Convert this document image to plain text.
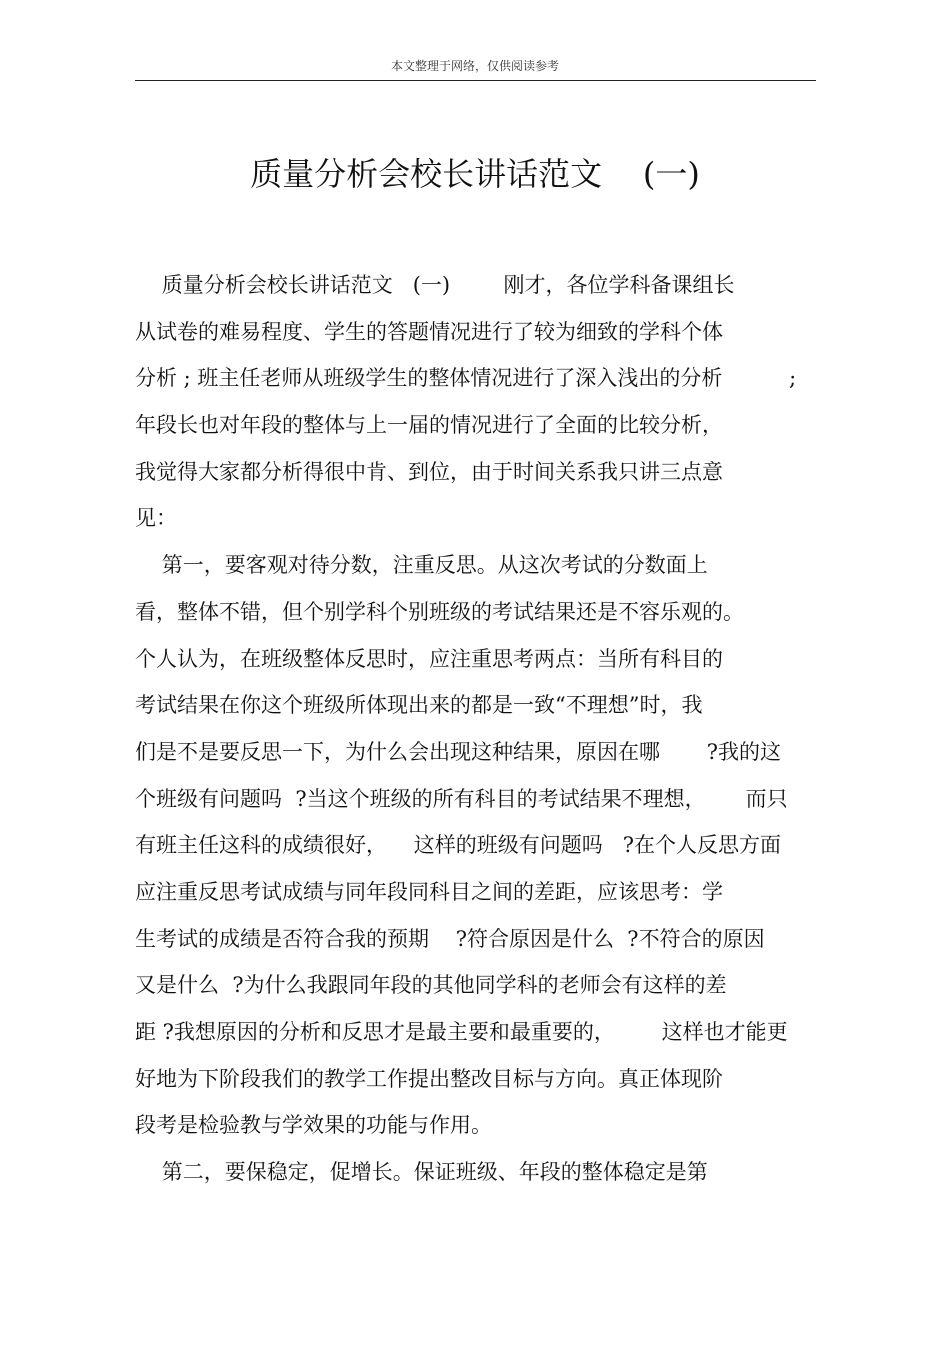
本文整理于网络，仅供阅读参考
质量分析会校长讲话范文    (一)
质量分析会校长讲话范文   (一)        刚才，各位学科备课组长
从试卷的难易程度、学生的答题情况进行了较为细致的学科个体
分析 ; 班主任老师从班级学生的整体情况进行了深入浅出的分析          ;
年段长也对年段的整体与上一届的情况进行了全面的比较分析，
我觉得大家都分析得很中肯、到位，由于时间关系我只讲三点意
见：
第一，要客观对待分数，注重反思。从这次考试的分数面上
看，整体不错，但个别学科个别班级的考试结果还是不容乐观的。
个人认为，在班级整体反思时，应注重思考两点：当所有科目的
考试结果在你这个班级所体现出来的都是一致“不理想”时，我
们是不是要反思一下，为什么会出现这种结果，原因在哪       ?我的这
个班级有问题吗  ?当这个班级的所有科目的考试结果不理想，      而只
有班主任这科的成绩很好，    这样的班级有问题吗   ?在个人反思方面
应注重反思考试成绩与同年段同科目之间的差距，应该思考：学
生考试的成绩是否符合我的预期    ?符合原因是什么  ?不符合的原因
又是什么  ?为什么我跟同年段的其他同学科的老师会有这样的差
距 ?我想原因的分析和反思才是最主要和最重要的，       这样也才能更
好地为下阶段我们的教学工作提出整改目标与方向。真正体现阶
段考是检验教与学效果的功能与作用。
第二，要保稳定，促增长。保证班级、年段的整体稳定是第
